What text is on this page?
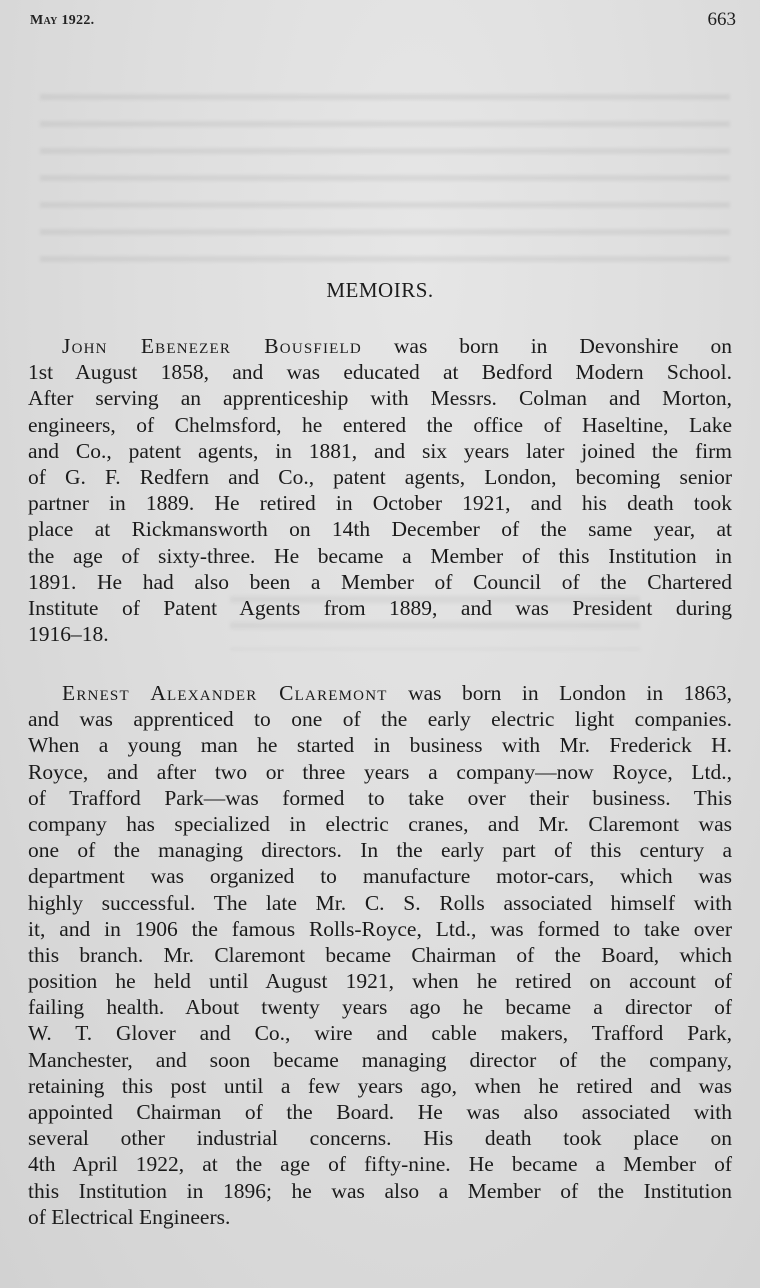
May 1922.	663
MEMOIRS.
John Ebenezer Bousfield was born in Devonshire on
1st August 1858, and was educated at Bedford Modern School.
After serving an apprenticeship with Messrs. Colman and Morton,
engineers, of Chelmsford, he entered the office of Haseltine, Lake
and Co., patent agents, in 1881, and six years later joined the firm
of G. F. Redfern and Co., patent agents, London, becoming senior
partner in 1889. He retired in October 1921, and his death took
place at Rickmansworth on 14th December of the same year, at
the age of sixty-three. He became a Member of this Institution in
1891. He had also been a Member of Council of the Chartered
Institute of Patent Agents from 1889, and was President during
1916–18.
Ernest Alexander Claremont was born in London in 1863,
and was apprenticed to one of the early electric light companies.
When a young man he started in business with Mr. Frederick H.
Royce, and after two or three years a company—now Royce, Ltd.,
of Trafford Park—was formed to take over their business. This
company has specialized in electric cranes, and Mr. Claremont was
one of the managing directors. In the early part of this century a
department was organized to manufacture motor-cars, which was
highly successful. The late Mr. C. S. Rolls associated himself with
it, and in 1906 the famous Rolls-Royce, Ltd., was formed to take over
this branch. Mr. Claremont became Chairman of the Board, which
position he held until August 1921, when he retired on account of
failing health. About twenty years ago he became a director of
W. T. Glover and Co., wire and cable makers, Trafford Park,
Manchester, and soon became managing director of the company,
retaining this post until a few years ago, when he retired and was
appointed Chairman of the Board. He was also associated with
several other industrial concerns. His death took place on
4th April 1922, at the age of fifty-nine. He became a Member of
this Institution in 1896; he was also a Member of the Institution
of Electrical Engineers.
